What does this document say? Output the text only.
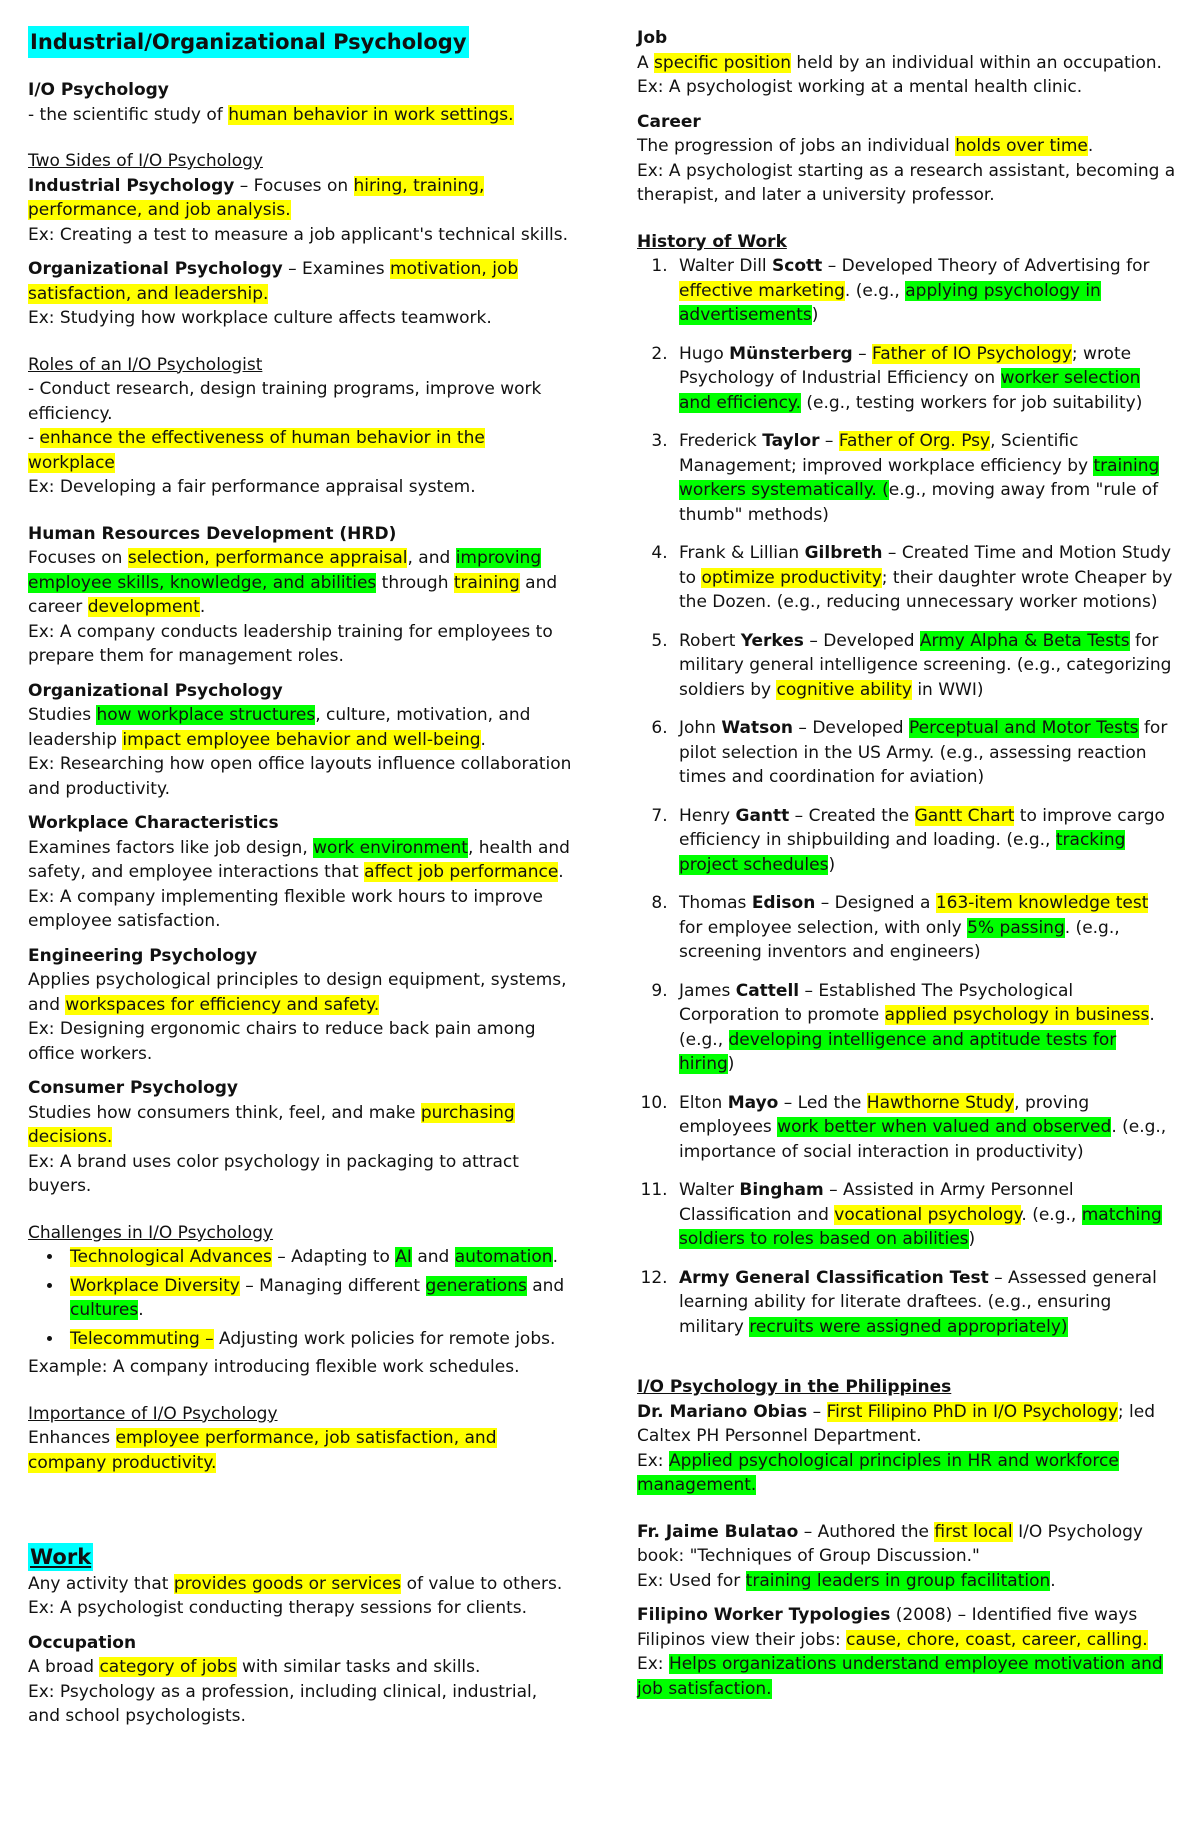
Industrial/Organizational Psychology

I/O Psychology

- the scientific study of human behavior in work settings.

Two Sides of I/O Psychology

Industrial Psychology – Focuses on hiring, training, performance, and job analysis.

Ex: Creating a test to measure a job applicant's technical skills.

Organizational Psychology – Examines motivation, job satisfaction, and leadership.

Ex: Studying how workplace culture affects teamwork.

Roles of an I/O Psychologist

- Conduct research, design training programs, improve work efficiency.

- enhance the effectiveness of human behavior in the workplace

Ex: Developing a fair performance appraisal system.

Human Resources Development (HRD)

Focuses on selection, performance appraisal, and improving employee skills, knowledge, and abilities through training and career development.

Ex: A company conducts leadership training for employees to prepare them for management roles.

Organizational Psychology

Studies how workplace structures, culture, motivation, and leadership impact employee behavior and well-being.

Ex: Researching how open office layouts influence collaboration and productivity.

Workplace Characteristics

Examines factors like job design, work environment, health and safety, and employee interactions that affect job performance.

Ex: A company implementing flexible work hours to improve employee satisfaction.

Engineering Psychology

Applies psychological principles to design equipment, systems, and workspaces for efficiency and safety.

Ex: Designing ergonomic chairs to reduce back pain among office workers.

Consumer Psychology

Studies how consumers think, feel, and make purchasing decisions.

Ex: A brand uses color psychology in packaging to attract buyers.

Challenges in I/O Psychology

• Technological Advances – Adapting to AI and automation.
• Workplace Diversity – Managing different generations and cultures.
• Telecommuting – Adjusting work policies for remote jobs.

Example: A company introducing flexible work schedules.

Importance of I/O Psychology

Enhances employee performance, job satisfaction, and company productivity.

Work

Any activity that provides goods or services of value to others.

Ex: A psychologist conducting therapy sessions for clients.

Occupation

A broad category of jobs with similar tasks and skills.

Ex: Psychology as a profession, including clinical, industrial, and school psychologists.

Job

A specific position held by an individual within an occupation.

Ex: A psychologist working at a mental health clinic.

Career

The progression of jobs an individual holds over time.

Ex: A psychologist starting as a research assistant, becoming a therapist, and later a university professor.

History of Work

1. Walter Dill Scott – Developed Theory of Advertising for effective marketing. (e.g., applying psychology in advertisements)
2. Hugo Münsterberg – Father of IO Psychology; wrote Psychology of Industrial Efficiency on worker selection and efficiency. (e.g., testing workers for job suitability)
3. Frederick Taylor – Father of Org. Psy, Scientific Management; improved workplace efficiency by training workers systematically. (e.g., moving away from "rule of thumb" methods)
4. Frank & Lillian Gilbreth – Created Time and Motion Study to optimize productivity; their daughter wrote Cheaper by the Dozen. (e.g., reducing unnecessary worker motions)
5. Robert Yerkes – Developed Army Alpha & Beta Tests for military general intelligence screening. (e.g., categorizing soldiers by cognitive ability in WWI)
6. John Watson – Developed Perceptual and Motor Tests for pilot selection in the US Army. (e.g., assessing reaction times and coordination for aviation)
7. Henry Gantt – Created the Gantt Chart to improve cargo efficiency in shipbuilding and loading. (e.g., tracking project schedules)
8. Thomas Edison – Designed a 163-item knowledge test for employee selection, with only 5% passing. (e.g., screening inventors and engineers)
9. James Cattell – Established The Psychological Corporation to promote applied psychology in business. (e.g., developing intelligence and aptitude tests for hiring)
10. Elton Mayo – Led the Hawthorne Study, proving employees work better when valued and observed. (e.g., importance of social interaction in productivity)
11. Walter Bingham – Assisted in Army Personnel Classification and vocational psychology. (e.g., matching soldiers to roles based on abilities)
12. Army General Classification Test – Assessed general learning ability for literate draftees. (e.g., ensuring military recruits were assigned appropriately)

I/O Psychology in the Philippines

Dr. Mariano Obias – First Filipino PhD in I/O Psychology; led Caltex PH Personnel Department.

Ex: Applied psychological principles in HR and workforce management.

Fr. Jaime Bulatao – Authored the first local I/O Psychology book: "Techniques of Group Discussion."

Ex: Used for training leaders in group facilitation.

Filipino Worker Typologies (2008) – Identified five ways Filipinos view their jobs: cause, chore, coast, career, calling.

Ex: Helps organizations understand employee motivation and job satisfaction.
